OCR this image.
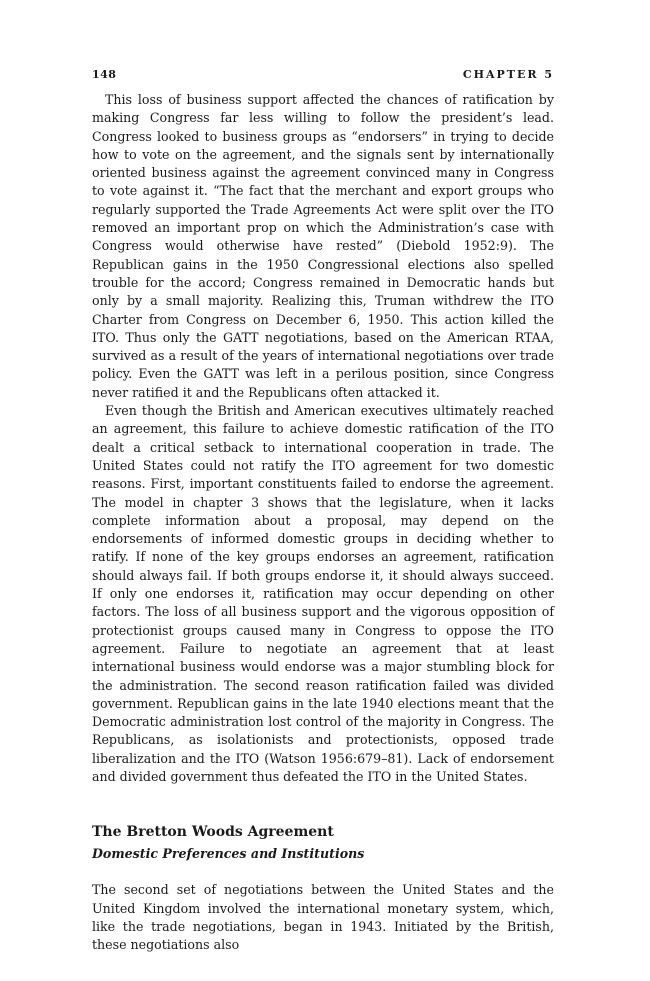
148	CHAPTER 5

This loss of business support affected the chances of ratification by making Congress far less willing to follow the president’s lead. Congress looked to business groups as “endorsers” in trying to decide how to vote on the agreement, and the signals sent by internationally oriented business against the agreement convinced many in Congress to vote against it. “The fact that the merchant and export groups who regularly supported the Trade Agreements Act were split over the ITO removed an important prop on which the Administration’s case with Congress would otherwise have rested” (Diebold 1952:9). The Republican gains in the 1950 Congressional elections also spelled trouble for the accord; Congress remained in Democratic hands but only by a small majority. Realizing this, Truman withdrew the ITO Charter from Congress on December 6, 1950. This action killed the ITO. Thus only the GATT negotiations, based on the American RTAA, survived as a result of the years of international negotiations over trade policy. Even the GATT was left in a perilous position, since Congress never ratified it and the Republicans often attacked it.

Even though the British and American executives ultimately reached an agreement, this failure to achieve domestic ratification of the ITO dealt a critical setback to international cooperation in trade. The United States could not ratify the ITO agreement for two domestic reasons. First, important constituents failed to endorse the agreement. The model in chapter 3 shows that the legislature, when it lacks complete information about a proposal, may depend on the endorsements of informed domestic groups in deciding whether to ratify. If none of the key groups endorses an agreement, ratification should always fail. If both groups endorse it, it should always succeed. If only one endorses it, ratification may occur depending on other factors. The loss of all business support and the vigorous opposition of protectionist groups caused many in Congress to oppose the ITO agreement. Failure to negotiate an agreement that at least international business would endorse was a major stumbling block for the administration. The second reason ratification failed was divided government. Republican gains in the late 1940 elections meant that the Democratic administration lost control of the majority in Congress. The Republicans, as isolationists and protectionists, opposed trade liberalization and the ITO (Watson 1956:679–81). Lack of endorsement and divided government thus defeated the ITO in the United States.

The Bretton Woods Agreement
Domestic Preferences and Institutions

The second set of negotiations between the United States and the United Kingdom involved the international monetary system, which, like the trade negotiations, began in 1943. Initiated by the British, these negotiations also
